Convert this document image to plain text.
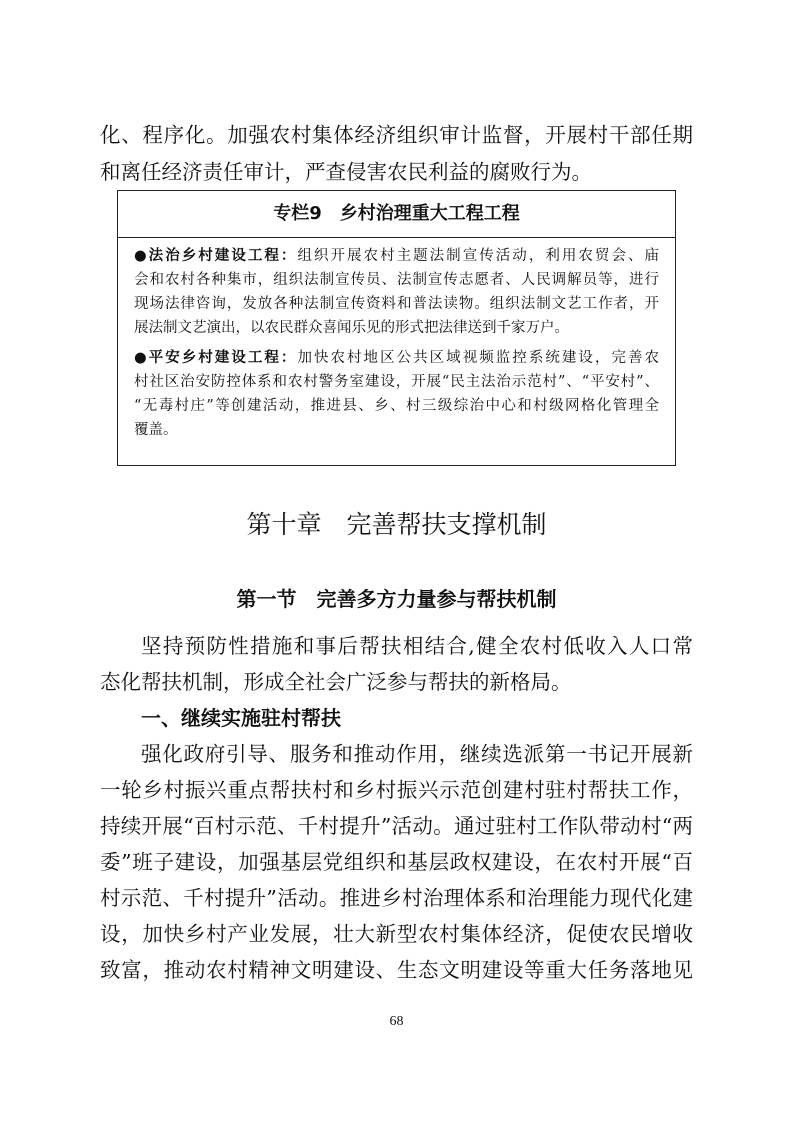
化、程序化。加强农村集体经济组织审计监督，开展村干部任期
和离任经济责任审计，严查侵害农民利益的腐败行为。
专栏9　乡村治理重大工程工程
●法治乡村建设工程：组织开展农村主题法制宣传活动，利用农贸会、庙
会和农村各种集市，组织法制宣传员、法制宣传志愿者、人民调解员等，进行
现场法律咨询，发放各种法制宣传资料和普法读物。组织法制文艺工作者，开
展法制文艺演出，以农民群众喜闻乐见的形式把法律送到千家万户。
●平安乡村建设工程：加快农村地区公共区域视频监控系统建设，完善农
村社区治安防控体系和农村警务室建设，开展“民主法治示范村”、“平安村”、
“无毒村庄”等创建活动，推进县、乡、村三级综治中心和村级网格化管理全
覆盖。
第十章　完善帮扶支撑机制
第一节　完善多方力量参与帮扶机制
坚持预防性措施和事后帮扶相结合,健全农村低收入人口常
态化帮扶机制，形成全社会广泛参与帮扶的新格局。
一、继续实施驻村帮扶
强化政府引导、服务和推动作用，继续选派第一书记开展新
一轮乡村振兴重点帮扶村和乡村振兴示范创建村驻村帮扶工作，
持续开展“百村示范、千村提升”活动。通过驻村工作队带动村“两
委”班子建设，加强基层党组织和基层政权建设，在农村开展“百
村示范、千村提升”活动。推进乡村治理体系和治理能力现代化建
设，加快乡村产业发展，壮大新型农村集体经济，促使农民增收
致富，推动农村精神文明建设、生态文明建设等重大任务落地见
68
